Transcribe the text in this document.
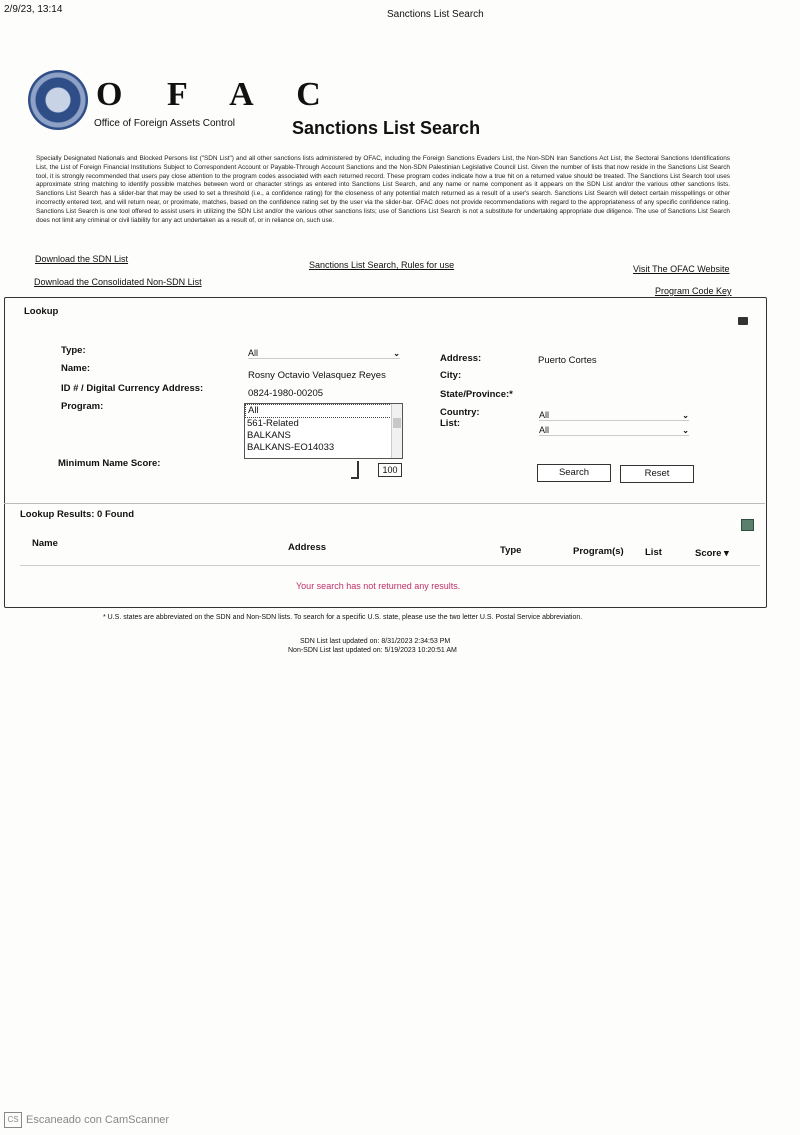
2/9/23, 13:14	Sanctions List Search
O F A C
Office of Foreign Assets Control	Sanctions List Search
Specially Designated Nationals and Blocked Persons list ("SDN List") and all other sanctions lists administered by OFAC, including the Foreign Sanctions Evaders List, the Non-SDN Iran Sanctions Act List, the Sectoral Sanctions Identifications List, the List of Foreign Financial Institutions Subject to Correspondent Account or Payable-Through Account Sanctions and the Non-SDN Palestinian Legislative Council List. Given the number of lists that now reside in the Sanctions List Search tool, it is strongly recommended that users pay close attention to the program codes associated with each returned record. These program codes indicate how a true hit on a returned value should be treated. The Sanctions List Search tool uses approximate string matching to identify possible matches between word or character strings as entered into Sanctions List Search, and any name or name component as it appears on the SDN List and/or the various other sanctions lists. Sanctions List Search has a slider-bar that may be used to set a threshold (i.e., a confidence rating) for the closeness of any potential match returned as a result of a user's search. Sanctions List Search will detect certain misspellings or other incorrectly entered text, and will return near, or proximate, matches, based on the confidence rating set by the user via the slider-bar. OFAC does not provide recommendations with regard to the appropriateness of any specific confidence rating. Sanctions List Search is one tool offered to assist users in utilizing the SDN List and/or the various other sanctions lists; use of Sanctions List Search is not a substitute for undertaking appropriate due diligence. The use of Sanctions List Search does not limit any criminal or civil liability for any act undertaken as a result of, or in reliance on, such use.
Download the SDN List
Sanctions List Search, Rules for use	Visit The OFAC Website
Download the Consolidated Non-SDN List
Program Code Key
Lookup
Type:	All	⌄
Name:
Rosny Octavio Velasquez Reyes
ID # / Digital Currency Address:	0824-1980-00205
Program:	All
561-Related
BALKANS
BALKANS-EO14033
Minimum Name Score:
100
Address:	Puerto Cortes
City:
State/Province:*
Country:	All	⌄
List:
All	⌄
Search	Reset
Lookup Results: 0 Found
Name	Address	Type	Program(s) List	Score ▾
Your search has not returned any results.
* U.S. states are abbreviated on the SDN and Non-SDN lists. To search for a specific U.S. state, please use the two letter U.S. Postal Service abbreviation.
SDN List last updated on: 8/31/2023 2:34:53 PM
Non-SDN List last updated on: 5/19/2023 10:20:51 AM
CS Escaneado con CamScanner
